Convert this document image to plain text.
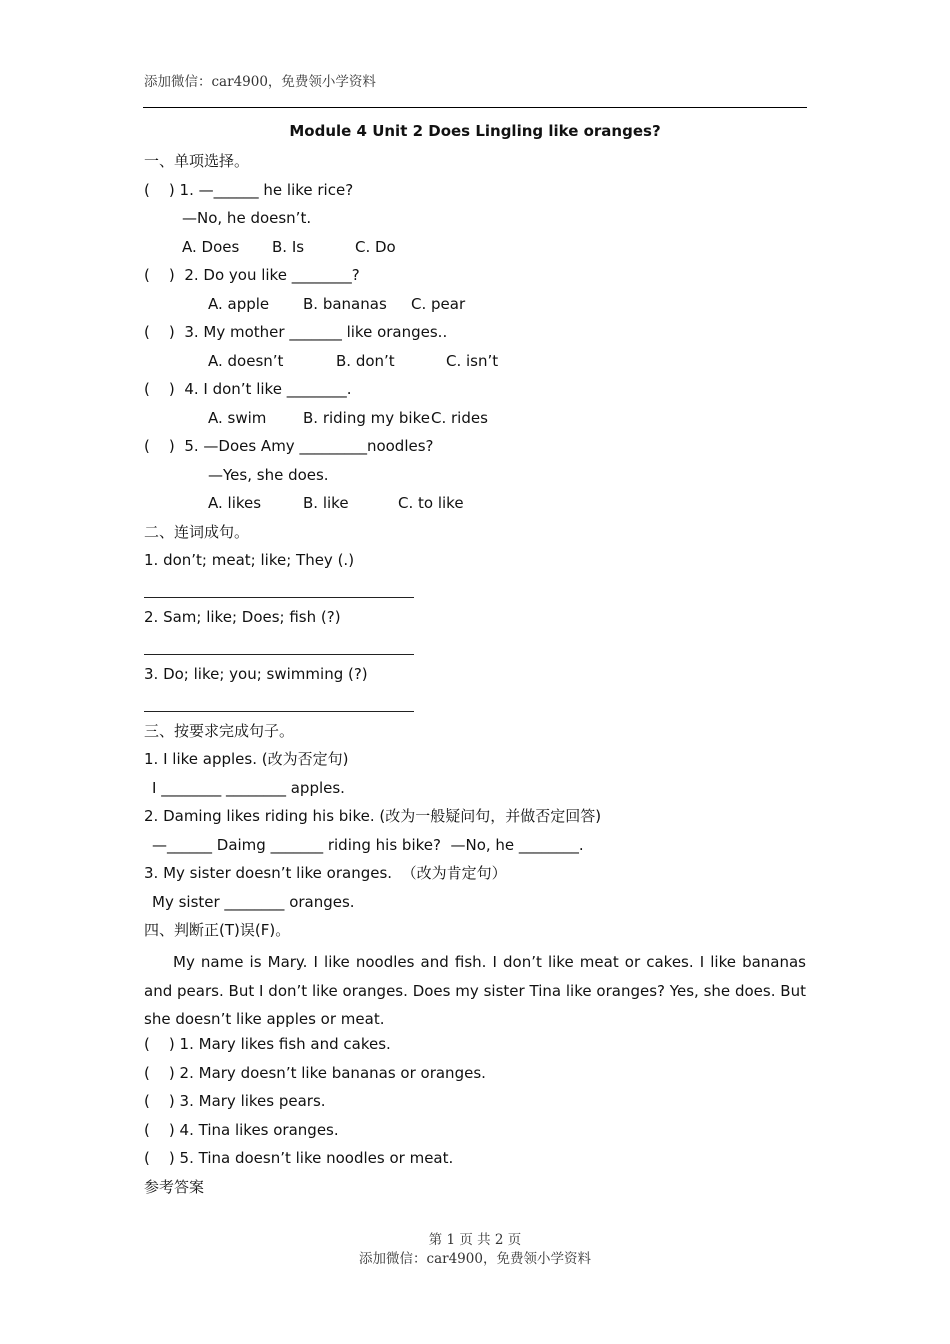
添加微信：car4900，免费领小学资料
Module 4 Unit 2 Does Lingling like oranges?
一、单项选择。
(    ) 1. —______ he like rice?
—No, he doesn’t.
A. Does B. Is	C. Do
(    )  2. Do you like ________?
A. apple B. bananas C. pear
(    )  3. My mother _______ like oranges..
A. doesn’t	B. don’t	C. isn’t
(    )  4. I don’t like ________.
A. swim B. riding my bike C. rides
(    )  5. —Does Amy _________noodles?
—Yes, she does.
A. likes	B. like	C. to like
二、连词成句。
1. don’t; meat; like; They (.)
2. Sam; like; Does; fish (?)
3. Do; like; you; swimming (?)
三、按要求完成句子。
1. I like apples. (改为否定句)
I ________ ________ apples.
2. Daming likes riding his bike. (改为一般疑问句，并做否定回答)
—______ Daimg _______ riding his bike?  —No, he ________.
3. My sister doesn’t like oranges.  （改为肯定句）
My sister ________ oranges.
四、判断正(T)误(F)。
My name is Mary. I like noodles and fish. I don’t like meat or cakes. I like bananas and pears. But I don’t like oranges. Does my sister Tina like oranges? Yes, she does. But she doesn’t like apples or meat.
(    ) 1. Mary likes fish and cakes.
(    ) 2. Mary doesn’t like bananas or oranges.
(    ) 3. Mary likes pears.
(    ) 4. Tina likes oranges.
(    ) 5. Tina doesn’t like noodles or meat.
参考答案
第 1 页 共 2 页
添加微信：car4900，免费领小学资料
